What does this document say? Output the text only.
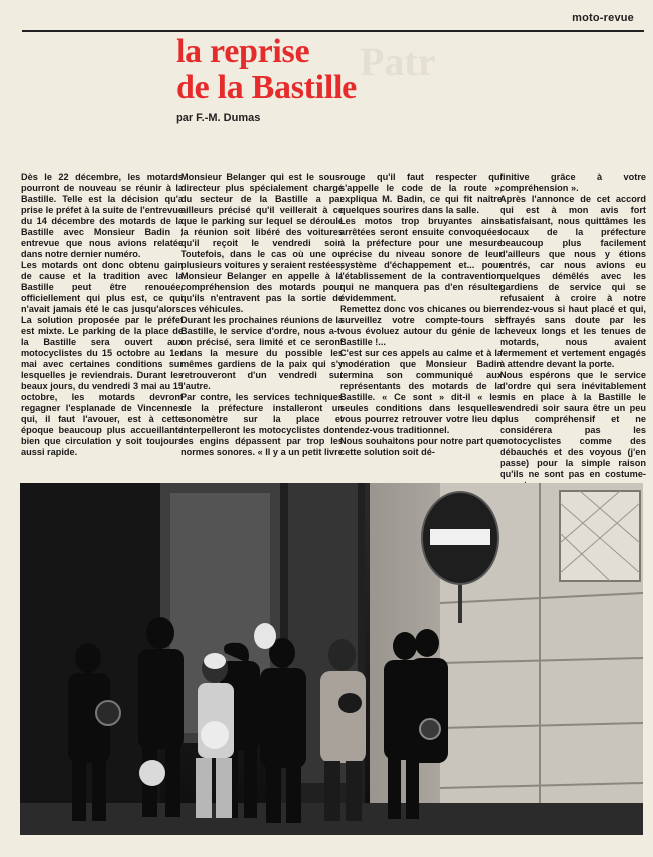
moto-revue
Patr
la reprise
de la Bastille
par F.-M. Dumas

Dès le 22 décembre, les motards pourront de nouveau se réunir à la Bastille. Telle est la décision qu'a prise le préfet à la suite de l'entrevue du 14 décembre des motards de la Bastille avec Monsieur Badin ; entrevue que nous avions relatée dans notre dernier numéro.
Les motards ont donc obtenu gain de cause et la tradition avec la Bastille peut être renouée, officiellement qui plus est, ce qui n'avait jamais été le cas jusqu'alors. La solution proposée par le préfet est mixte. Le parking de la place de la Bastille sera ouvert aux motocyclistes du 15 octobre au 1er mai avec certaines conditions sur lesquelles je reviendrais. Durant les beaux jours, du vendredi 3 mai au 15 octobre, les motards devront regagner l'esplanade de Vincennes qui, il faut l'avouer, est à cette époque beaucoup plus accueillante bien que circulation y soit toujours aussi rapide.

Monsieur Belanger qui est le sous-directeur plus spécialement chargé du secteur de la Bastille a par ailleurs précisé qu'il veillerait à ce que le parking sur lequel se déroule la réunion soit libéré des voitures qu'il reçoit le vendredi soir. Toutefois, dans le cas où une ou plusieurs voitures y seraient restées, Monsieur Belanger en appelle à la compréhension des motards pour qu'ils n'entravent pas la sortie de ces véhicules.
Durant les prochaines réunions de la Bastille, le service d'ordre, nous a-t-on précisé, sera limité et ce seront dans la mesure du possible les mêmes gardiens de la paix qui s'y retrouveront d'un vendredi sur l'autre.
Par contre, les services techniques de la préfecture installeront un sonomètre sur la place et interpelleront les motocyclistes dont les engins dépassent par trop les normes sonores. « Il y a un petit livre

rouge qu'il faut respecter qui s'appelle le code de la route », expliqua M. Badin, ce qui fit naître quelques sourires dans la salle.
Les motos trop bruyantes ainsi arrêtées seront ensuite convoquées à la préfecture pour une mesure précise du niveau sonore de leur système d'échappement et... pour l'établissement de la contravention qui ne manquera pas d'en résulter évidemment.
Remettez donc vos chicanes ou bien surveillez votre compte-tours si vous évoluez autour du génie de la Bastille !...
C'est sur ces appels au calme et à la modération que Monsieur Badin termina son communiqué aux représentants des motards de la Bastille. « Ce sont » dit-il « les seules conditions dans lesquelles vous pourrez retrouver votre lieu de rendez-vous traditionnel.
Nous souhaitons pour notre part que cette solution soit dé-

finitive grâce à votre compréhension ».
Après l'annonce de cet accord qui est à mon avis fort satisfaisant, nous quittâmes les locaux de la préfecture beaucoup plus facilement d'ailleurs que nous y étions entrés, car nous avions eu quelques démêlés avec les gardiens de service qui se refusaient à croire à notre rendez-vous si haut placé et qui, effrayés sans doute par les cheveux longs et les tenues de motards, nous avaient fermement et vertement engagés à attendre devant la porte.
Nous espérons que le service d'ordre qui sera inévitablement mis en place à la Bastille le vendredi soir saura être un peu plus compréhensif et ne considérera pas les motocyclistes comme des débauchés et des voyous (j'en passe) pour la simple raison qu'ils ne sont pas en costume-
